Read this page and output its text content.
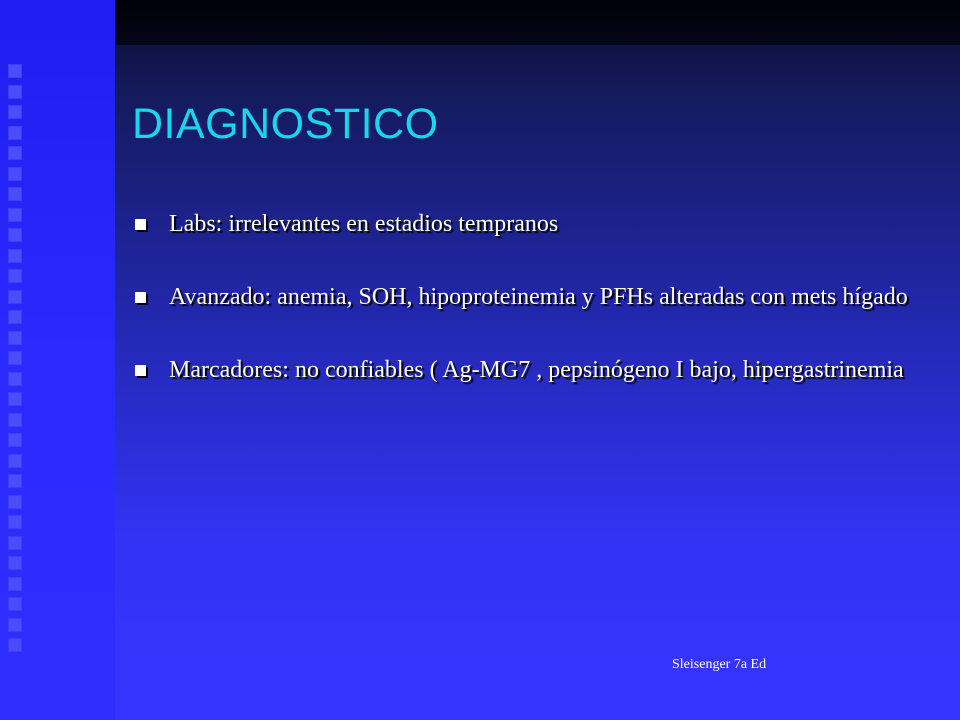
DIAGNOSTICO
Labs: irrelevantes en estadios tempranos
Avanzado: anemia, SOH, hipoproteinemia y PFHs alteradas con mets hígado
Marcadores: no confiables ( Ag-MG7 , pepsinógeno I bajo, hipergastrinemia
Sleisenger 7a Ed
